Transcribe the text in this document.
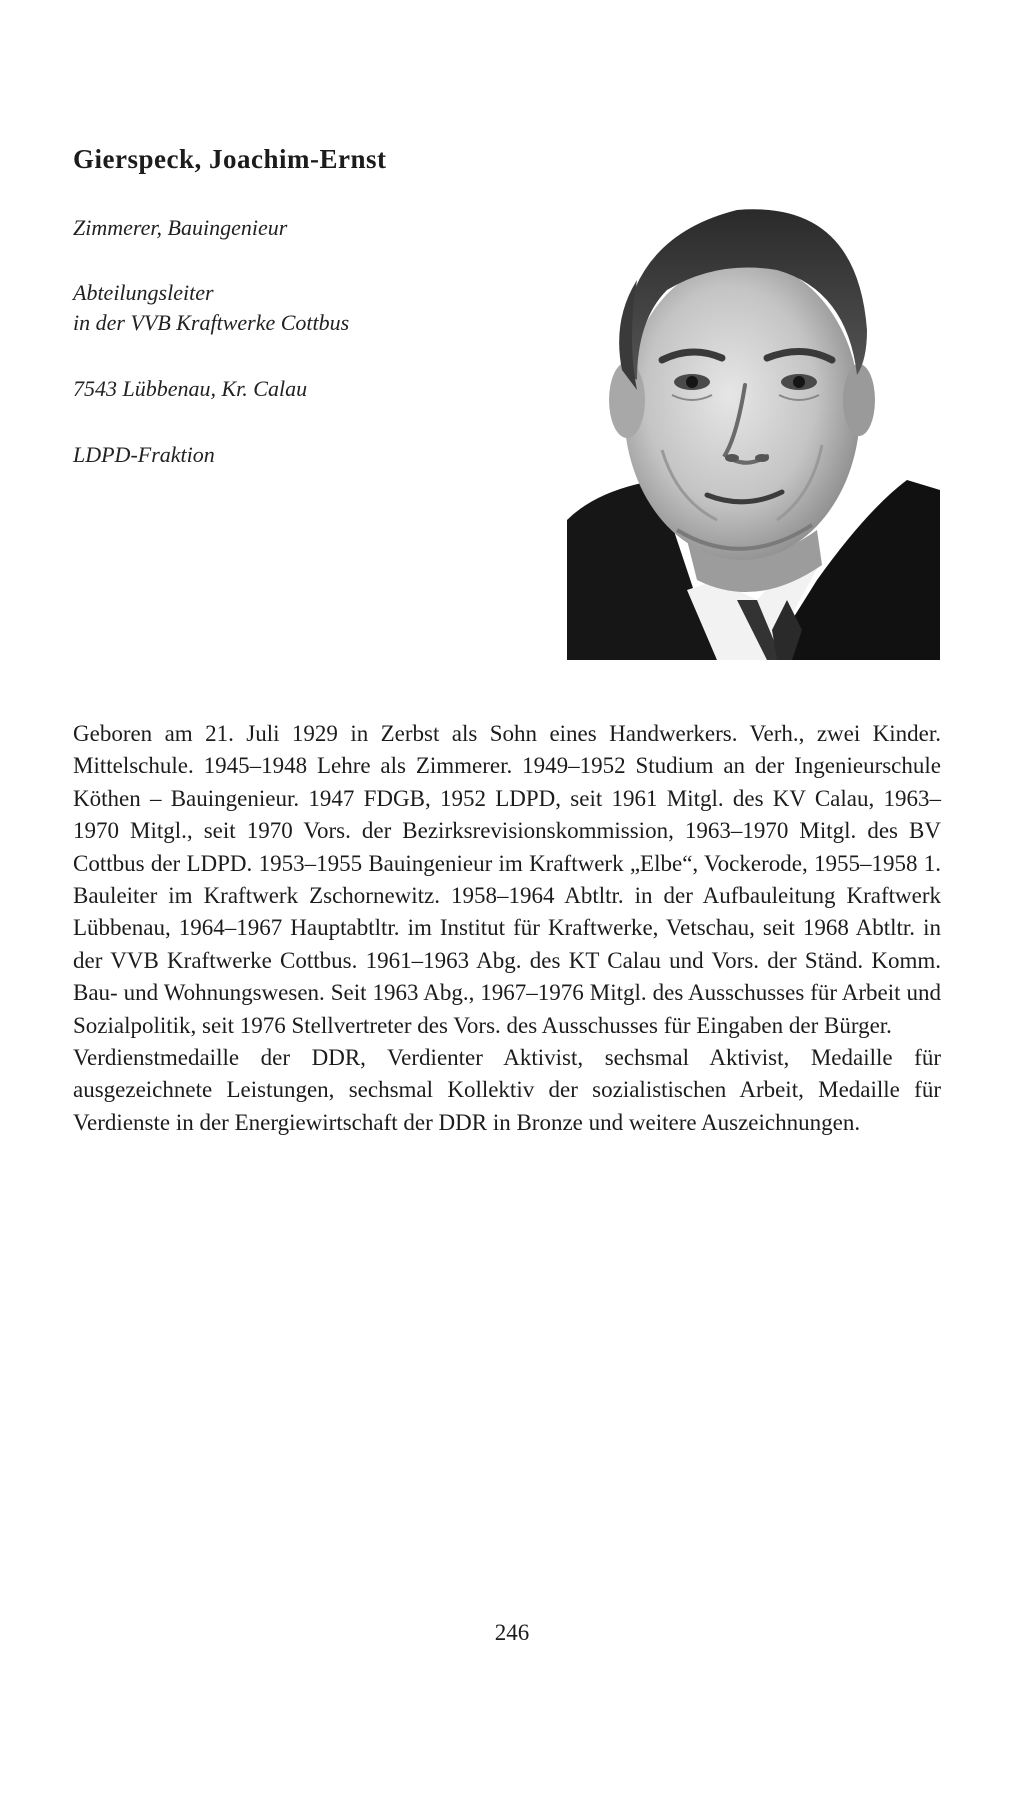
Gierspeck, Joachim-Ernst
Zimmerer, Bauingenieur
Abteilungsleiter
in der VVB Kraftwerke Cottbus
7543 Lübbenau, Kr. Calau
LDPD-Fraktion

Geboren am 21. Juli 1929 in Zerbst als Sohn eines Handwerkers. Verh., zwei Kinder. Mittelschule. 1945–1948 Lehre als Zimmerer. 1949–1952 Studium an der Ingenieurschule Köthen – Bauingenieur. 1947 FDGB, 1952 LDPD, seit 1961 Mitgl. des KV Calau, 1963–1970 Mitgl., seit 1970 Vors. der Bezirksrevisionskommission, 1963–1970 Mitgl. des BV Cottbus der LDPD. 1953–1955 Bauingenieur im Kraftwerk „Elbe“, Vockerode, 1955–1958 1. Bauleiter im Kraftwerk Zschornewitz. 1958–1964 Abtltr. in der Aufbauleitung Kraftwerk Lübbenau, 1964–1967 Hauptabtltr. im Institut für Kraftwerke, Vetschau, seit 1968 Abtltr. in der VVB Kraftwerke Cottbus. 1961–1963 Abg. des KT Calau und Vors. der Ständ. Komm. Bau- und Wohnungswesen. Seit 1963 Abg., 1967–1976 Mitgl. des Ausschusses für Arbeit und Sozialpolitik, seit 1976 Stellvertreter des Vors. des Ausschusses für Eingaben der Bürger.

Verdienstmedaille der DDR, Verdienter Aktivist, sechsmal Aktivist, Medaille für ausgezeichnete Leistungen, sechsmal Kollektiv der sozialistischen Arbeit, Medaille für Verdienste in der Energiewirtschaft der DDR in Bronze und weitere Auszeichnungen.

246
